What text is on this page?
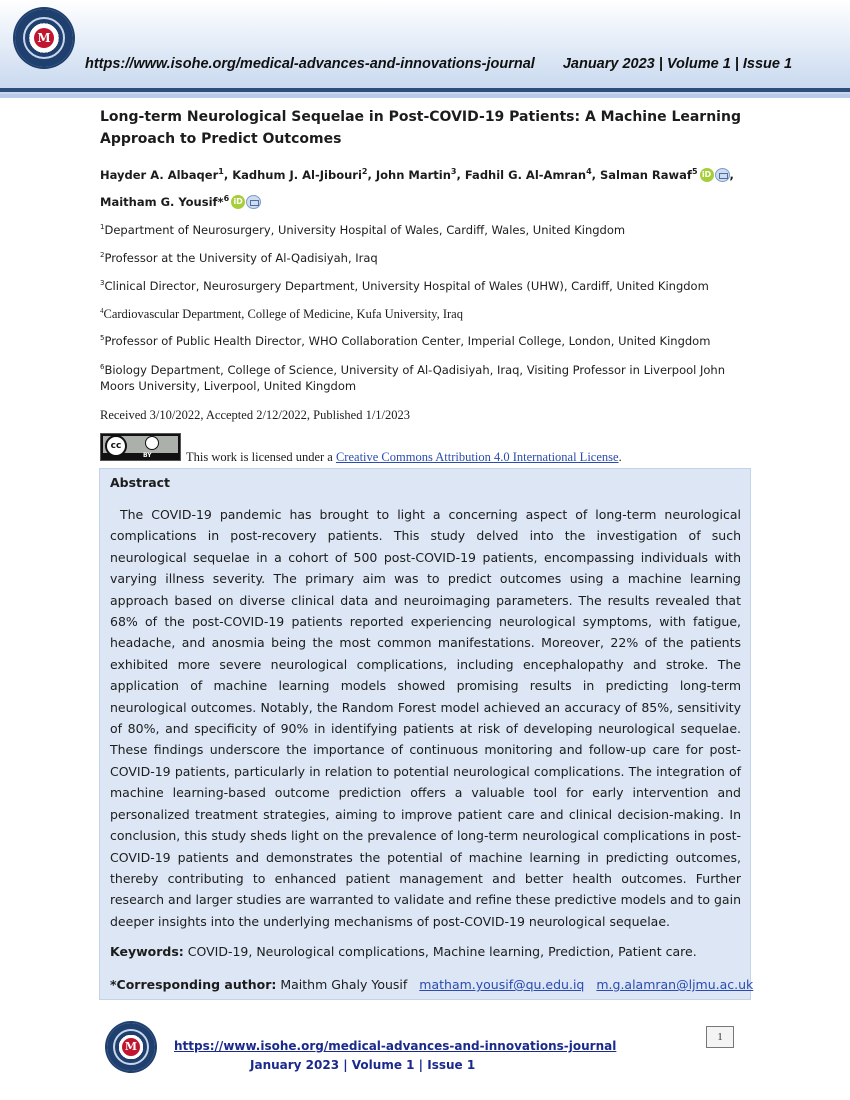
M
https://www.isohe.org/medical-advances-and-innovations-journal January 2023 | Volume 1 | Issue 1
Long-term Neurological Sequelae in Post-COVID-19 Patients: A Machine Learning Approach to Predict Outcomes
Hayder A. Albaqer$^1$, Kadhum J. Al-Jibouri$^2$, John Martin$^3$, Fadhil G. Al-Amran$^4$, Salman Rawaf$^5$ iD ,
Maitham G. Yousif*$^6$ iD
$^1$Department of Neurosurgery, University Hospital of Wales, Cardiff, Wales, United Kingdom
$^2$Professor at the University of Al-Qadisiyah, Iraq
$^3$Clinical Director, Neurosurgery Department, University Hospital of Wales (UHW), Cardiff, United Kingdom
$^4$Cardiovascular Department, College of Medicine, Kufa University, Iraq
$^5$Professor of Public Health Director, WHO Collaboration Center, Imperial College, London, United Kingdom
$^6$Biology Department, College of Science, University of Al-Qadisiyah, Iraq, Visiting Professor in Liverpool John Moors University, Liverpool, United Kingdom
Received 3/10/2022, Accepted 2/12/2022, Published 1/1/2023
cc
BY	This work is licensed under a Creative Commons Attribution 4.0 International License.
Abstract

The COVID-19 pandemic has brought to light a concerning aspect of long-term neurological complications in post-recovery patients. This study delved into the investigation of such neurological sequelae in a cohort of 500 post-COVID-19 patients, encompassing individuals with varying illness severity. The primary aim was to predict outcomes using a machine learning approach based on diverse clinical data and neuroimaging parameters. The results revealed that 68% of the post-COVID-19 patients reported experiencing neurological symptoms, with fatigue, headache, and anosmia being the most common manifestations. Moreover, 22% of the patients exhibited more severe neurological complications, including encephalopathy and stroke. The application of machine learning models showed promising results in predicting long-term neurological outcomes. Notably, the Random Forest model achieved an accuracy of 85%, sensitivity of 80%, and specificity of 90% in identifying patients at risk of developing neurological sequelae. These findings underscore the importance of continuous monitoring and follow-up care for post-COVID-19 patients, particularly in relation to potential neurological complications. The integration of machine learning-based outcome prediction offers a valuable tool for early intervention and personalized treatment strategies, aiming to improve patient care and clinical decision-making. In conclusion, this study sheds light on the prevalence of long-term neurological complications in post-COVID-19 patients and demonstrates the potential of machine learning in predicting outcomes, thereby contributing to enhanced patient management and better health outcomes. Further research and larger studies are warranted to validate and refine these predictive models and to gain deeper insights into the underlying mechanisms of post-COVID-19 neurological sequelae.

Keywords: COVID-19, Neurological complications, Machine learning, Prediction, Patient care.
*Corresponding author: Maithm Ghaly Yousif matham.yousif@qu.edu.iq m.g.alamran@ljmu.ac.uk
M	https://www.isohe.org/medical-advances-and-innovations-journal
January 2023 | Volume 1 | Issue 1
1
